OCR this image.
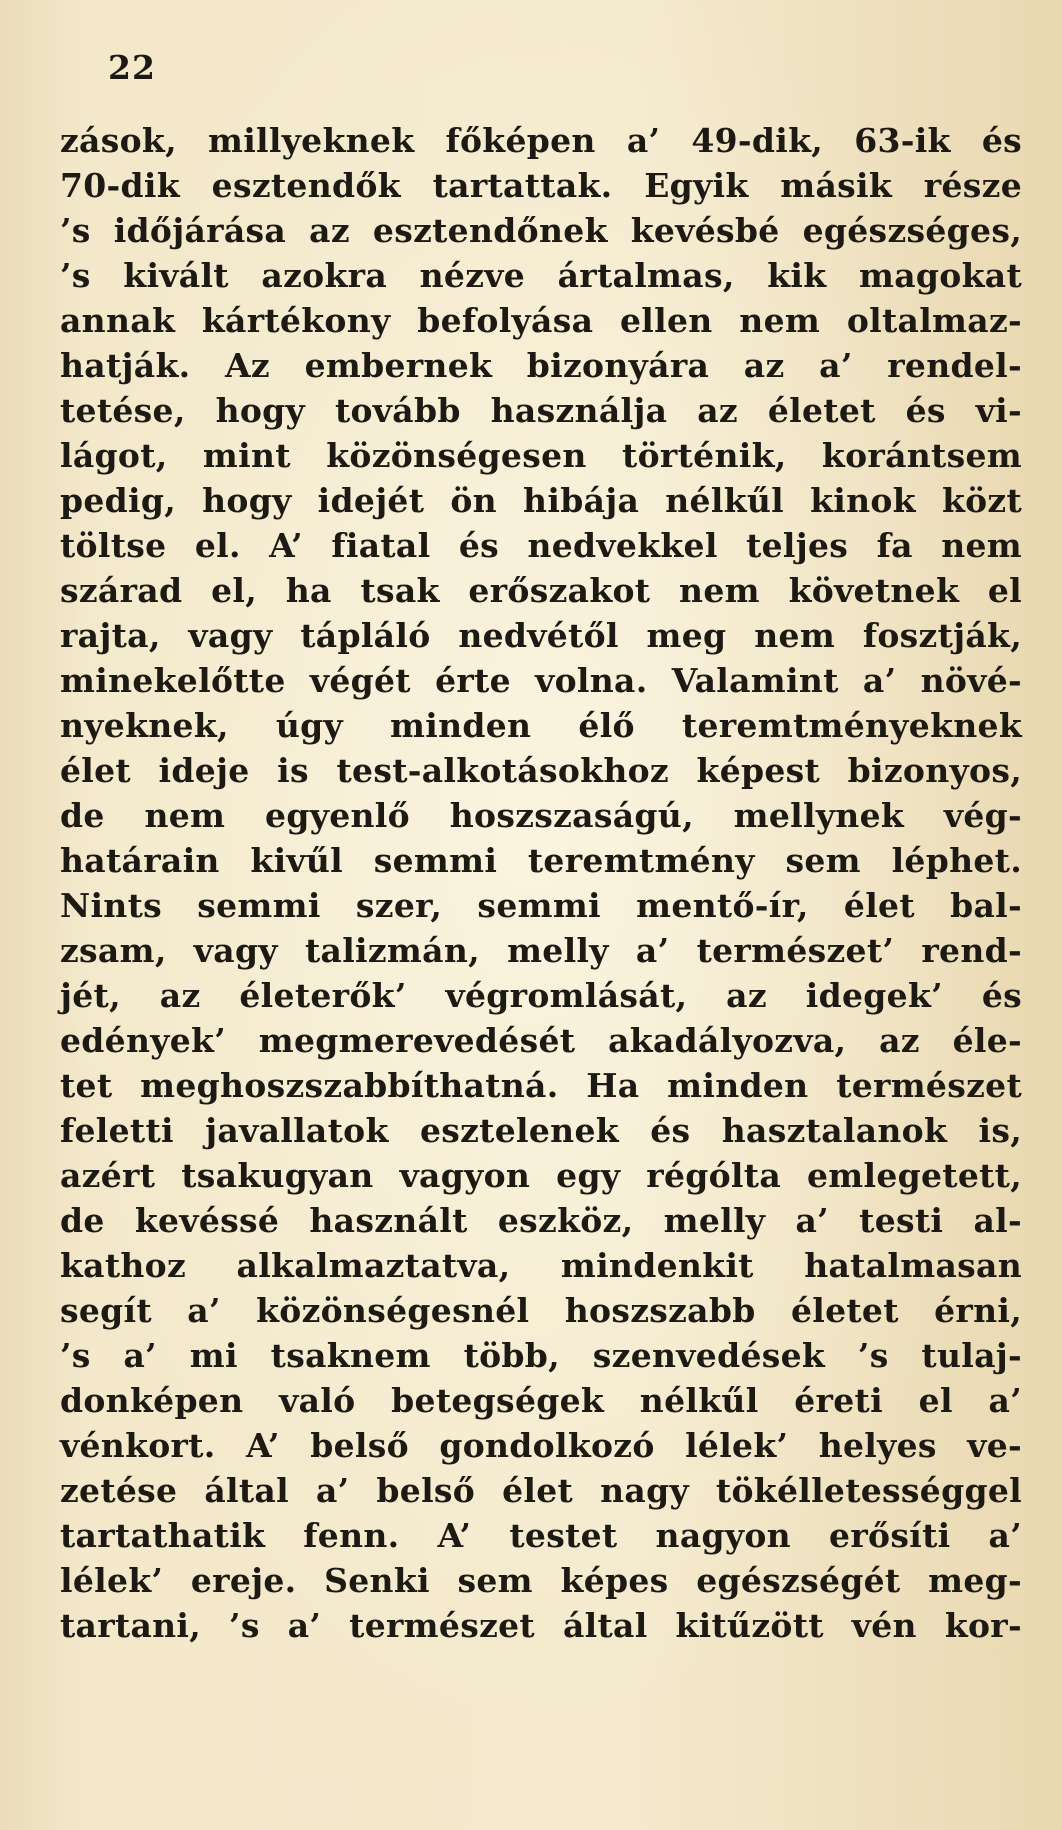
22
zások, millyeknek főképen a’ 49-dik, 63-ik és
70-dik esztendők tartattak. Egyik másik része
’s időjárása az esztendőnek kevésbé egészséges,
’s kivált azokra nézve ártalmas, kik magokat
annak kártékony befolyása ellen nem oltalmaz-
hatják. Az embernek bizonyára az a’ rendel-
tetése, hogy tovább használja az életet és vi-
lágot, mint közönségesen történik, korántsem
pedig, hogy idejét ön hibája nélkűl kinok közt
töltse el. A’ fiatal és nedvekkel teljes fa nem
szárad el, ha tsak erőszakot nem követnek el
rajta, vagy tápláló nedvétől meg nem fosztják,
minekelőtte végét érte volna. Valamint a’ növé-
nyeknek, úgy minden élő teremtményeknek
élet ideje is test-alkotásokhoz képest bizonyos,
de nem egyenlő hoszszaságú, mellynek vég-
határain kivűl semmi teremtmény sem léphet.
Nints semmi szer, semmi mentő-ír, élet bal-
zsam, vagy talizmán, melly a’ természet’ rend-
jét, az életerők’ végromlását, az idegek’ és
edények’ megmerevedését akadályozva, az éle-
tet meghoszszabbíthatná. Ha minden természet
feletti javallatok esztelenek és hasztalanok is,
azért tsakugyan vagyon egy régólta emlegetett,
de kevéssé használt eszköz, melly a’ testi al-
kathoz alkalmaztatva, mindenkit hatalmasan
segít a’ közönségesnél hoszszabb életet érni,
’s a’ mi tsaknem több, szenvedések ’s tulaj-
donképen való betegségek nélkűl éreti el a’
vénkort. A’ belső gondolkozó lélek’ helyes ve-
zetése által a’ belső élet nagy tökélletességgel
tartathatik fenn. A’ testet nagyon erősíti a’
lélek’ ereje. Senki sem képes egészségét meg-
tartani, ’s a’ természet által kitűzött vén kor-
